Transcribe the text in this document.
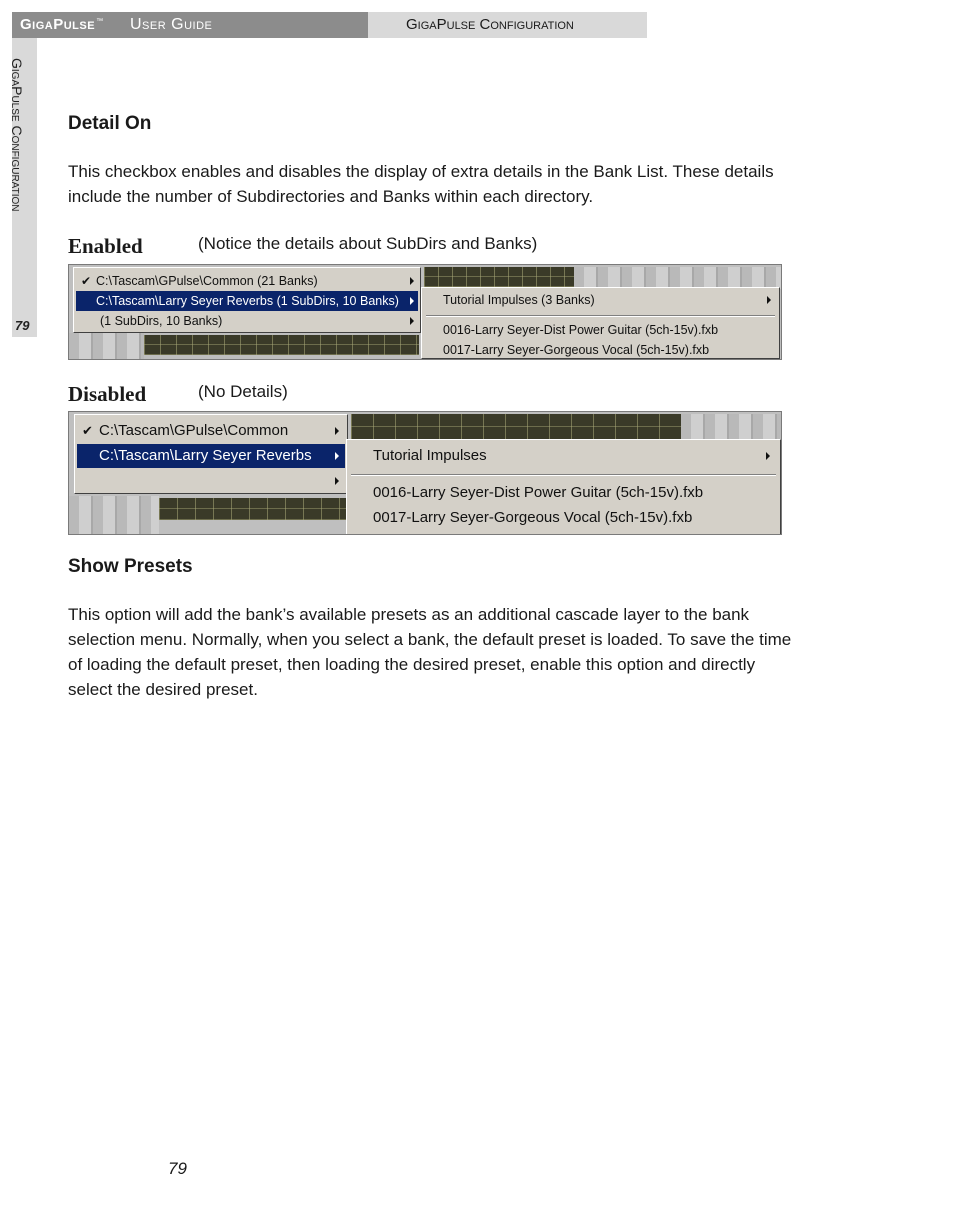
GigaPulse™ User Guide	GigaPulse Configuration
GigaPulse Configuration
79
Detail On
This checkbox enables and disables the display of extra details in the Bank List. These details include the number of Subdirectories and Banks within each directory.
Enabled	(Notice the details about SubDirs and Banks)
✔ C:\Tascam\GPulse\Common (21 Banks)
C:\Tascam\Larry Seyer Reverbs (1 SubDirs, 10 Banks)
(1 SubDirs, 10 Banks)
Tutorial Impulses (3 Banks)
0016-Larry Seyer-Dist Power Guitar (5ch-15v).fxb
0017-Larry Seyer-Gorgeous Vocal (5ch-15v).fxb
Disabled	(No Details)
✔ C:\Tascam\GPulse\Common
C:\Tascam\Larry Seyer Reverbs	Tutorial Impulses
0016-Larry Seyer-Dist Power Guitar (5ch-15v).fxb
0017-Larry Seyer-Gorgeous Vocal (5ch-15v).fxb
Show Presets
This option will add the bank’s available presets as an additional cascade layer to the bank selection menu. Normally, when you select a bank, the default preset is loaded. To save the time of loading the default preset, then loading the desired preset, enable this option and directly select the desired preset.
79
